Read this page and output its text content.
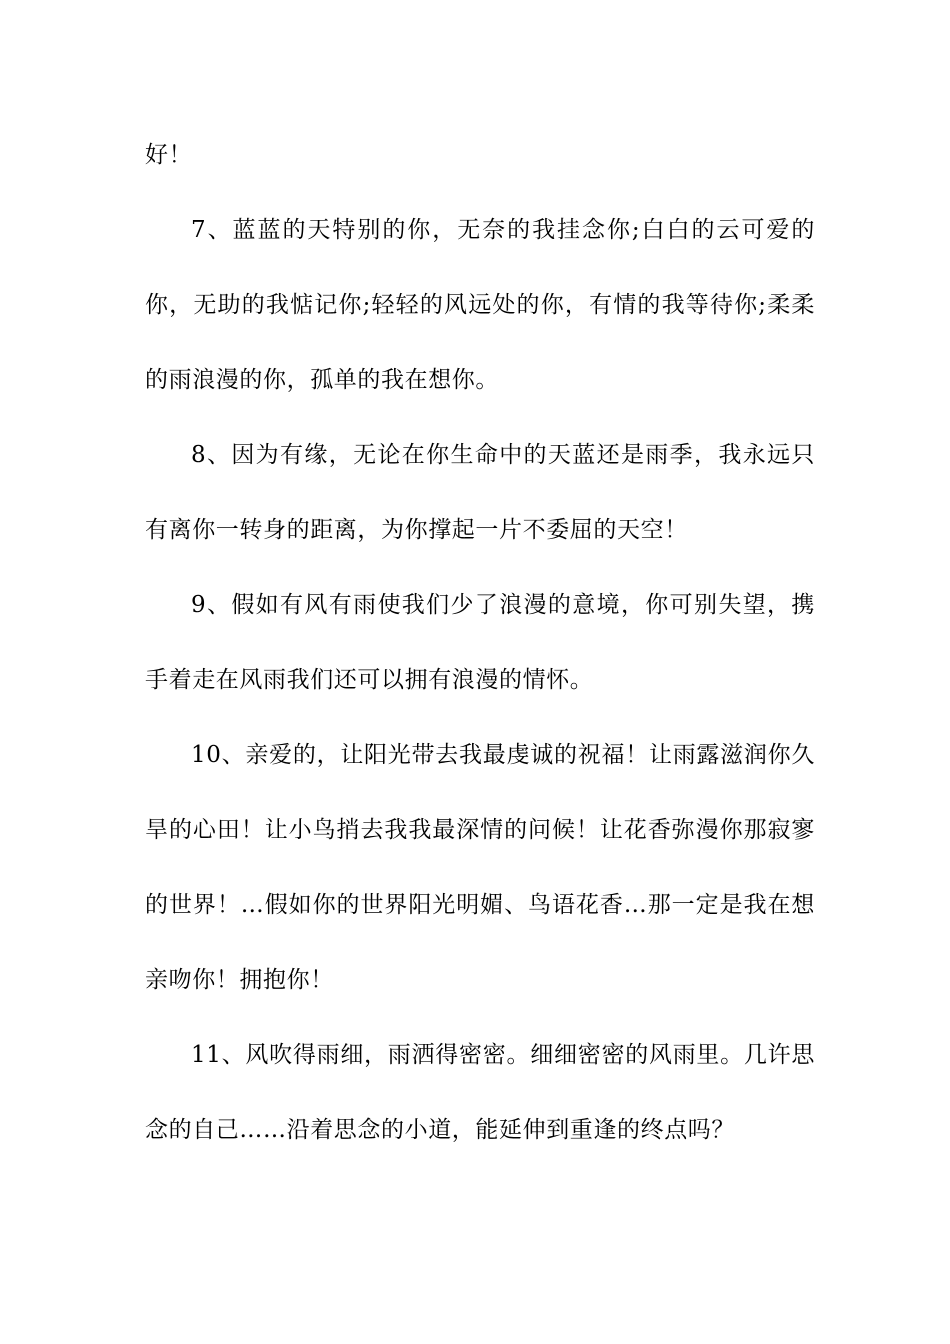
好！

7、蓝蓝的天特别的你，无奈的我挂念你;白白的云可爱的你，无助的我惦记你;轻轻的风远处的你，有情的我等待你;柔柔的雨浪漫的你，孤单的我在想你。

8、因为有缘，无论在你生命中的天蓝还是雨季，我永远只有离你一转身的距离，为你撑起一片不委屈的天空！

9、假如有风有雨使我们少了浪漫的意境，你可别失望，携手着走在风雨我们还可以拥有浪漫的情怀。

10、亲爱的，让阳光带去我最虔诚的祝福！让雨露滋润你久旱的心田！让小鸟捎去我我最深情的问候！让花香弥漫你那寂寥的世界！…假如你的世界阳光明媚、鸟语花香…那一定是我在想亲吻你！拥抱你！

11、风吹得雨细，雨洒得密密。细细密密的风雨里。几许思念的自己……沿着思念的小道，能延伸到重逢的终点吗？
